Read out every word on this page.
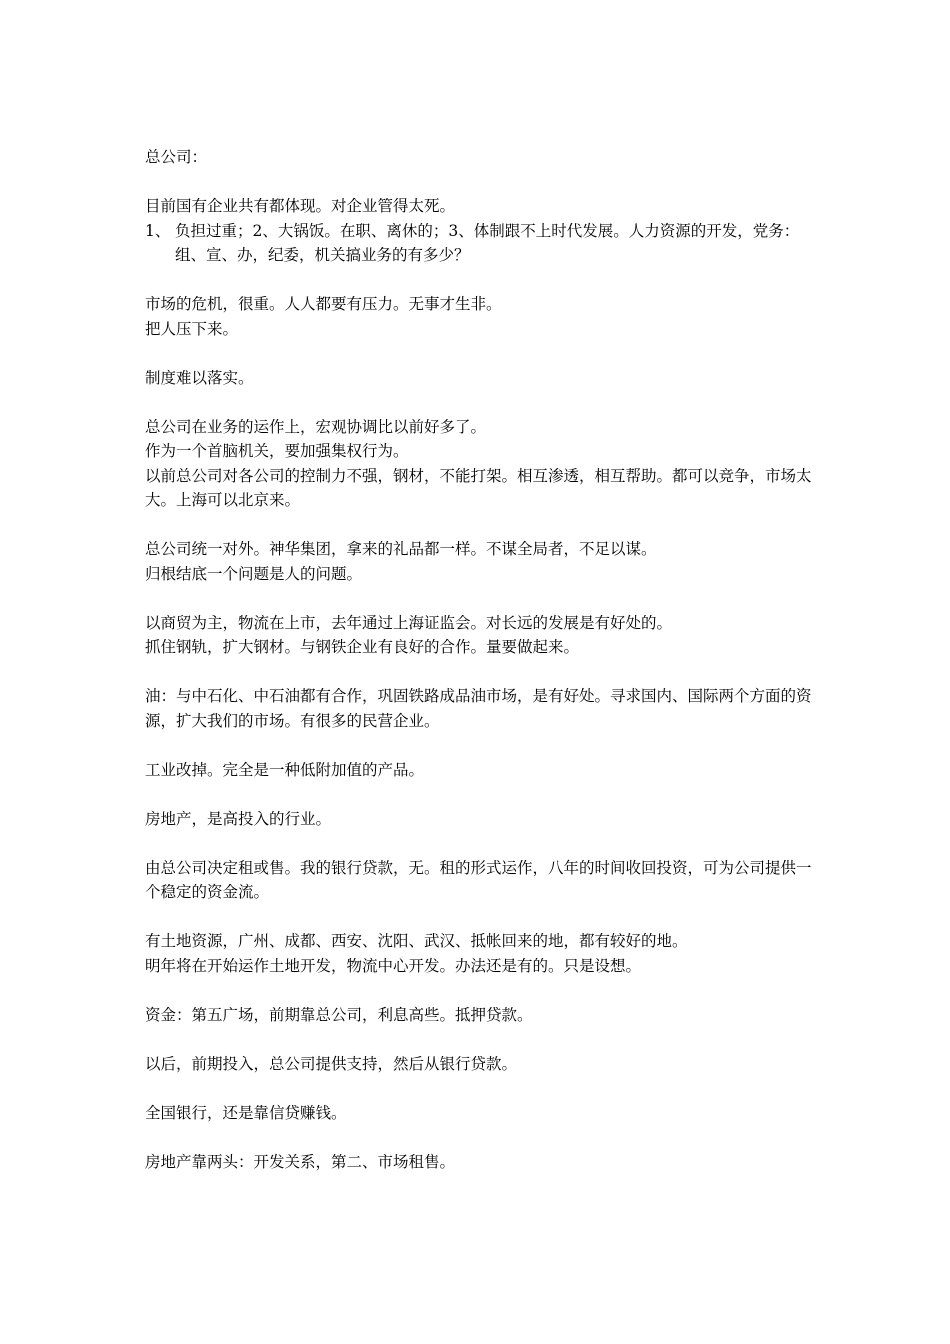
总公司：
目前国有企业共有都体现。对企业管得太死。
1、 负担过重；2、大锅饭。在职、离休的；3、体制跟不上时代发展。人力资源的开发，党务：组、宣、办，纪委，机关搞业务的有多少？
市场的危机，很重。人人都要有压力。无事才生非。
把人压下来。
制度难以落实。
总公司在业务的运作上，宏观协调比以前好多了。
作为一个首脑机关，要加强集权行为。
以前总公司对各公司的控制力不强，钢材，不能打架。相互渗透，相互帮助。都可以竞争，市场太大。上海可以北京来。
总公司统一对外。神华集团，拿来的礼品都一样。不谋全局者，不足以谋。
归根结底一个问题是人的问题。
以商贸为主，物流在上市，去年通过上海证监会。对长远的发展是有好处的。
抓住钢轨，扩大钢材。与钢铁企业有良好的合作。量要做起来。
油：与中石化、中石油都有合作，巩固铁路成品油市场，是有好处。寻求国内、国际两个方面的资源，扩大我们的市场。有很多的民营企业。
工业改掉。完全是一种低附加值的产品。
房地产，是高投入的行业。
由总公司决定租或售。我的银行贷款，无。租的形式运作，八年的时间收回投资，可为公司提供一个稳定的资金流。
有土地资源，广州、成都、西安、沈阳、武汉、抵帐回来的地，都有较好的地。
明年将在开始运作土地开发，物流中心开发。办法还是有的。只是设想。
资金：第五广场，前期靠总公司，利息高些。抵押贷款。
以后，前期投入，总公司提供支持，然后从银行贷款。
全国银行，还是靠信贷赚钱。
房地产靠两头：开发关系，第二、市场租售。
